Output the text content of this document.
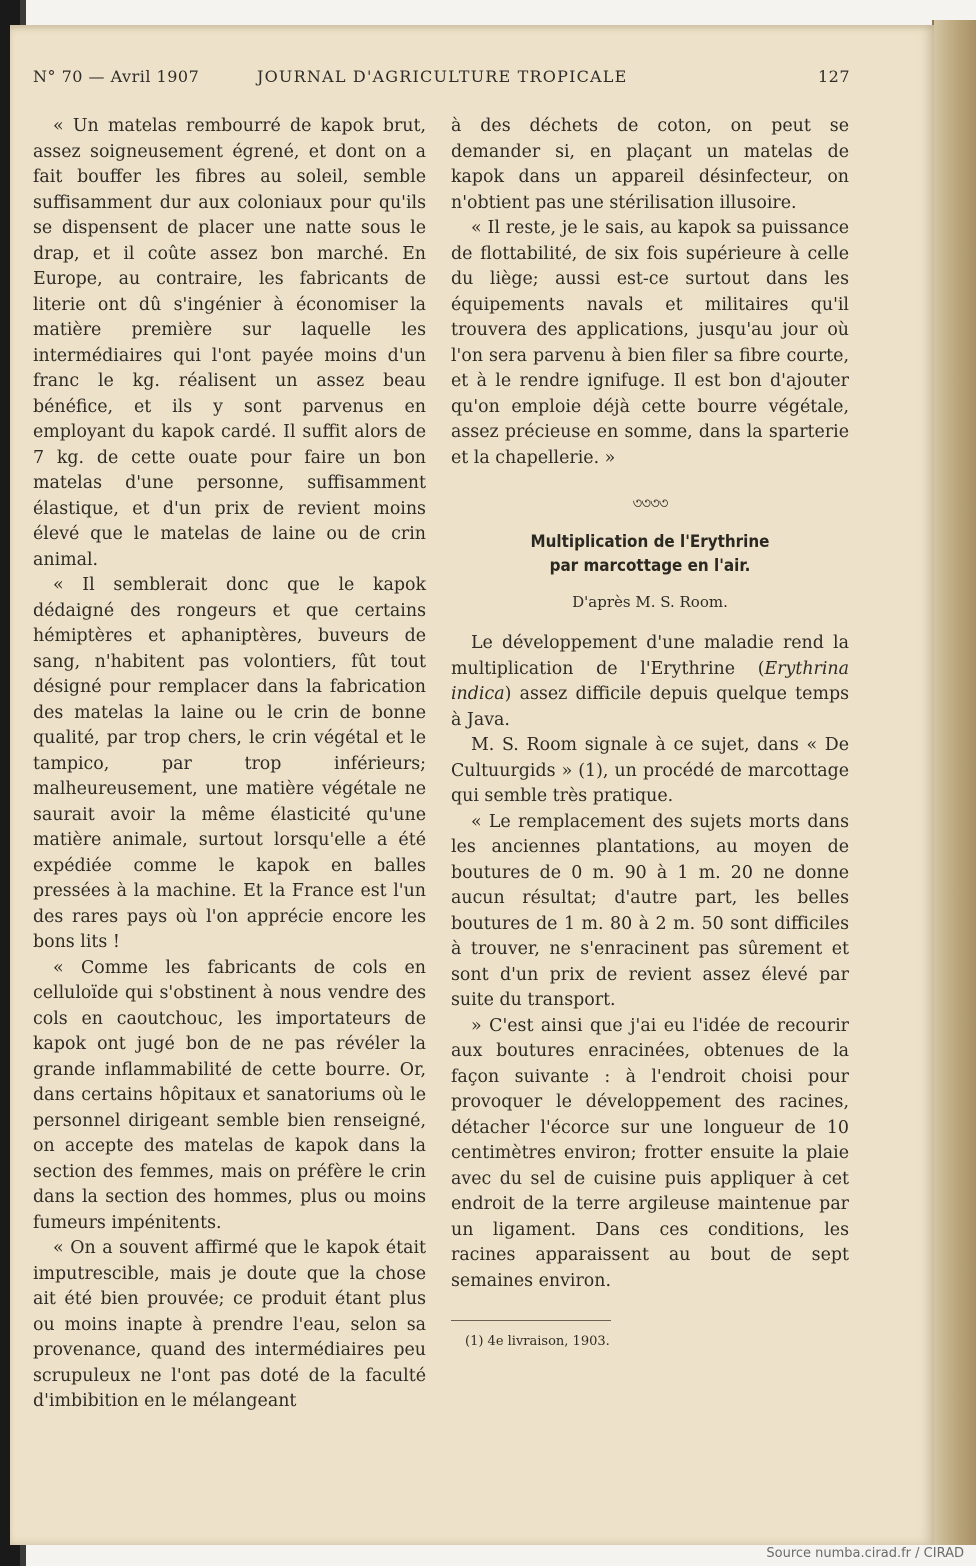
N° 70 — Avril 1907	JOURNAL D'AGRICULTURE TROPICALE	127

« Un matelas rembourré de kapok brut, assez soigneusement égrené, et dont on a fait bouffer les fibres au soleil, semble suffisamment dur aux coloniaux pour qu'ils se dispensent de placer une natte sous le drap, et il coûte assez bon marché. En Europe, au contraire, les fabricants de literie ont dû s'ingénier à économiser la matière première sur laquelle les intermédiaires qui l'ont payée moins d'un franc le kg. réalisent un assez beau bénéfice, et ils y sont parvenus en employant du kapok cardé. Il suffit alors de 7 kg. de cette ouate pour faire un bon matelas d'une personne, suffisamment élastique, et d'un prix de revient moins élevé que le matelas de laine ou de crin animal.

« Il semblerait donc que le kapok dédaigné des rongeurs et que certains hémiptères et aphaniptères, buveurs de sang, n'habitent pas volontiers, fût tout désigné pour remplacer dans la fabrication des matelas la laine ou le crin de bonne qualité, par trop chers, le crin végétal et le tampico, par trop inférieurs; malheureusement, une matière végétale ne saurait avoir la même élasticité qu'une matière animale, surtout lorsqu'elle a été expédiée comme le kapok en balles pressées à la machine. Et la France est l'un des rares pays où l'on apprécie encore les bons lits !

« Comme les fabricants de cols en celluloïde qui s'obstinent à nous vendre des cols en caoutchouc, les importateurs de kapok ont jugé bon de ne pas révéler la grande inflammabilité de cette bourre. Or, dans certains hôpitaux et sanatoriums où le personnel dirigeant semble bien renseigné, on accepte des matelas de kapok dans la section des femmes, mais on préfère le crin dans la section des hommes, plus ou moins fumeurs impénitents.

« On a souvent affirmé que le kapok était imputrescible, mais je doute que la chose ait été bien prouvée; ce produit étant plus ou moins inapte à prendre l'eau, selon sa provenance, quand des intermédiaires peu scrupuleux ne l'ont pas doté de la faculté d'imbibition en le mélangeant

à des déchets de coton, on peut se demander si, en plaçant un matelas de kapok dans un appareil désinfecteur, on n'obtient pas une stérilisation illusoire.

« Il reste, je le sais, au kapok sa puissance de flottabilité, de six fois supérieure à celle du liège; aussi est-ce surtout dans les équipements navals et militaires qu'il trouvera des applications, jusqu'au jour où l'on sera parvenu à bien filer sa fibre courte, et à le rendre ignifuge. Il est bon d'ajouter qu'on emploie déjà cette bourre végétale, assez précieuse en somme, dans la sparterie et la chapellerie. »

৩৩৩৩
Multiplication de l'Erythrine
par marcottage en l'air.
D'après M. S. Room.

Le développement d'une maladie rend la multiplication de l'Erythrine (Erythrina indica) assez difficile depuis quelque temps à Java.

M. S. Room signale à ce sujet, dans « De Cultuurgids » (1), un procédé de marcottage qui semble très pratique.

« Le remplacement des sujets morts dans les anciennes plantations, au moyen de boutures de 0 m. 90 à 1 m. 20 ne donne aucun résultat; d'autre part, les belles boutures de 1 m. 80 à 2 m. 50 sont difficiles à trouver, ne s'enracinent pas sûrement et sont d'un prix de revient assez élevé par suite du transport.

» C'est ainsi que j'ai eu l'idée de recourir aux boutures enracinées, obtenues de la façon suivante : à l'endroit choisi pour provoquer le développement des racines, détacher l'écorce sur une longueur de 10 centimètres environ; frotter ensuite la plaie avec du sel de cuisine puis appliquer à cet endroit de la terre argileuse maintenue par un ligament. Dans ces conditions, les racines apparaissent au bout de sept semaines environ.

(1) 4e livraison, 1903.
Source numba.cirad.fr / CIRAD
